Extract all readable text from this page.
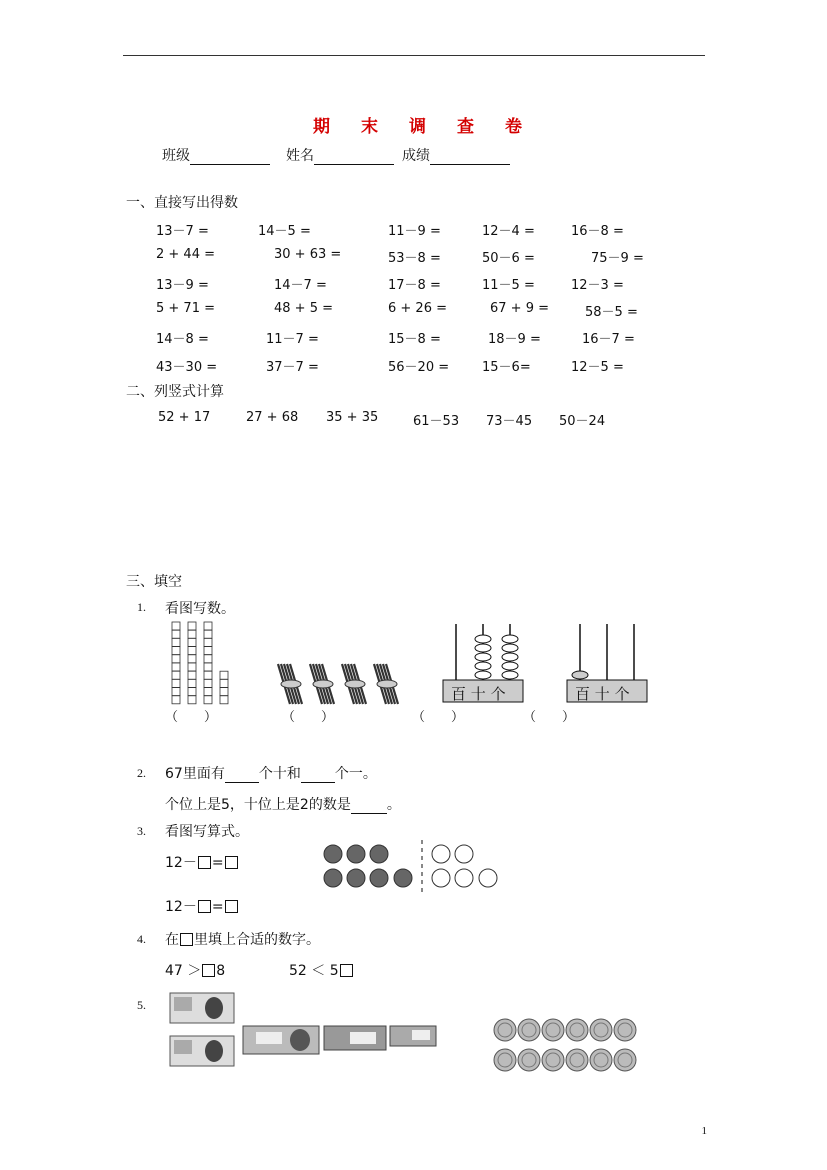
期 末 调 查 卷
班级	姓名	成绩
一、直接写出得数
13－7 =	14－5 =	11－9 =	12－4 =	16－8 =
2 + 44 =	30 + 63 =	53－8 =	50－6 =	75－9 =
13－9 =	14－7 =	17－8 =	11－5 =	12－3 =
5 + 71 =	48 + 5 =	6 + 26 =	67 + 9 =	58－5 =
14－8 =	11－7 =	15－8 =	18－9 =	16－7 =
43－30 =	37－7 =	56－20 =	15－6=	12－5 =
二、列竖式计算
52 + 17	27 + 68 35 + 35	61－53 73－45 50－24
三、填空
1. 看图写数。
百 十 个	百 十 个
（　　）	（　　）	（　　）	（　　）
2. 67里面有 个十和 个一。
个位上是5，十位上是2的数是	。
3. 看图写算式。
12－ =
12－ =
4. 在 里填上合适的数字。
47 ＞ 8	52 ＜ 5
5.
1
